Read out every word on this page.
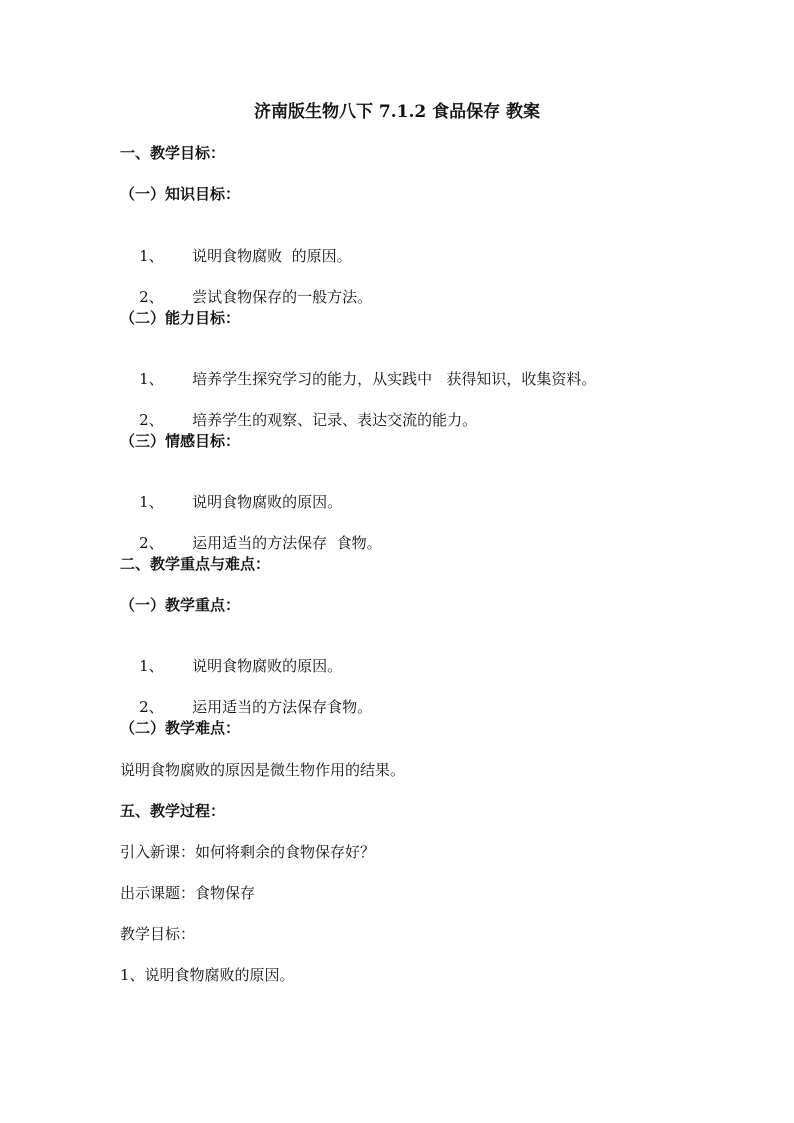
济南版生物八下 7.1.2 食品保存 教案
一、教学目标：
（一）知识目标：

1、 说明食物腐败  的原因。

2、 尝试食物保存的一般方法。

（二）能力目标：

1、 培养学生探究学习的能力，从实践中   获得知识，收集资料。

2、 培养学生的观察、记录、表达交流的能力。

（三）情感目标：

1、 说明食物腐败的原因。

2、 运用适当的方法保存  食物。

二、教学重点与难点：
（一）教学重点：

1、 说明食物腐败的原因。

2、 运用适当的方法保存食物。

（二）教学难点：
说明食物腐败的原因是微生物作用的结果。
五、教学过程：
引入新课：如何将剩余的食物保存好？
出示课题：食物保存
教学目标：
1、说明食物腐败的原因。
